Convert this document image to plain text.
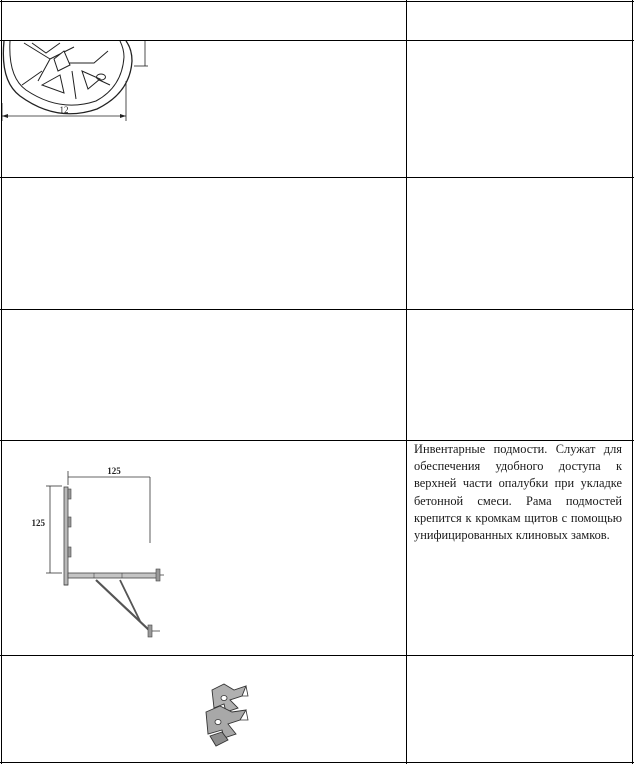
12
125
125
Инвентарные подмости. Служат для обеспечения удобного доступа к верхней части опалубки при укладке бетонной смеси. Рама подмостей крепится к кромкам щитов с помощью унифицированных клиновых замков.
